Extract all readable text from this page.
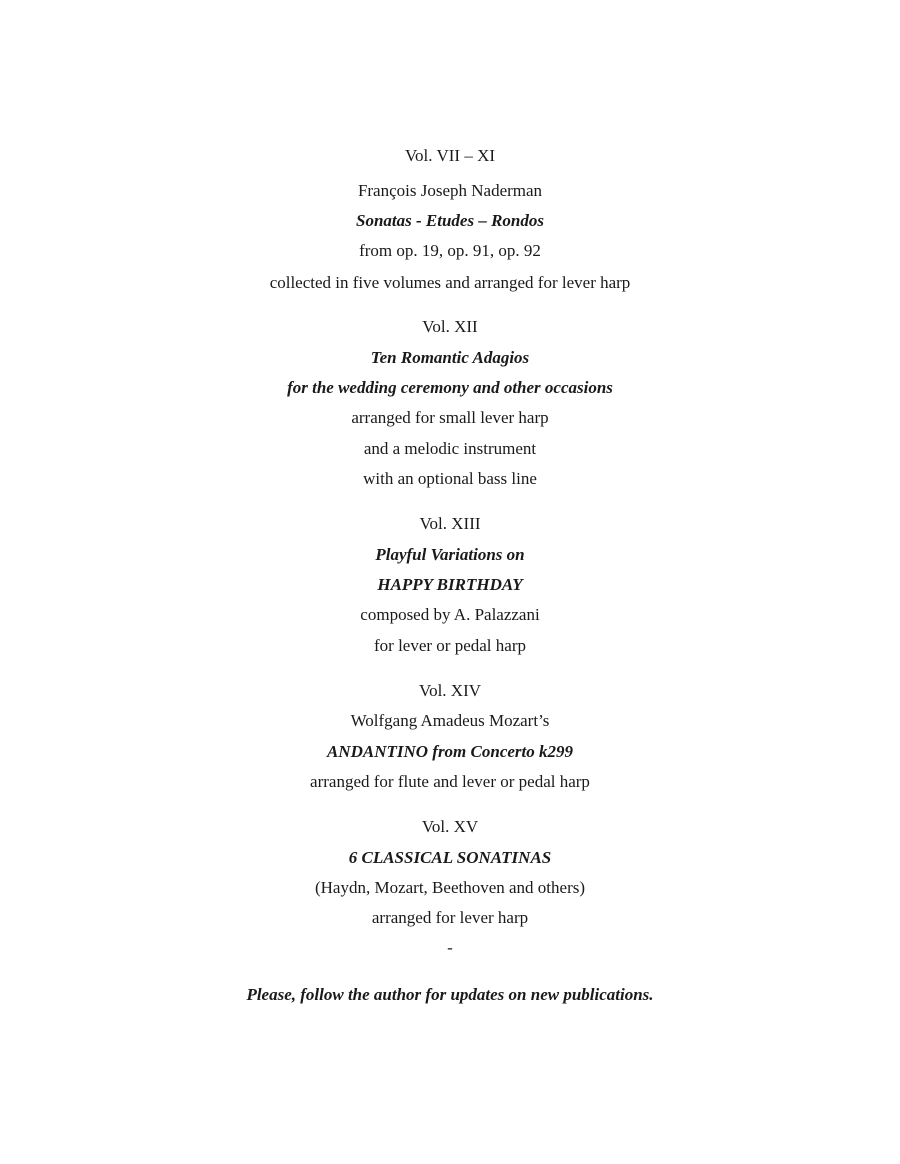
Vol. VII – XI
François Joseph Naderman
Sonatas - Etudes – Rondos
from op. 19, op. 91, op. 92
collected in five volumes and arranged for lever harp
Vol. XII
Ten Romantic Adagios
for the wedding ceremony and other occasions
arranged for small lever harp
and a melodic instrument
with an optional bass line
Vol. XIII
Playful Variations on
HAPPY BIRTHDAY
composed by A. Palazzani
for lever or pedal harp
Vol. XIV
Wolfgang Amadeus Mozart’s
ANDANTINO from Concerto k299
arranged for flute and lever or pedal harp
Vol. XV
6 CLASSICAL SONATINAS
(Haydn, Mozart, Beethoven and others)
arranged for lever harp
-
Please, follow the author for updates on new publications.
